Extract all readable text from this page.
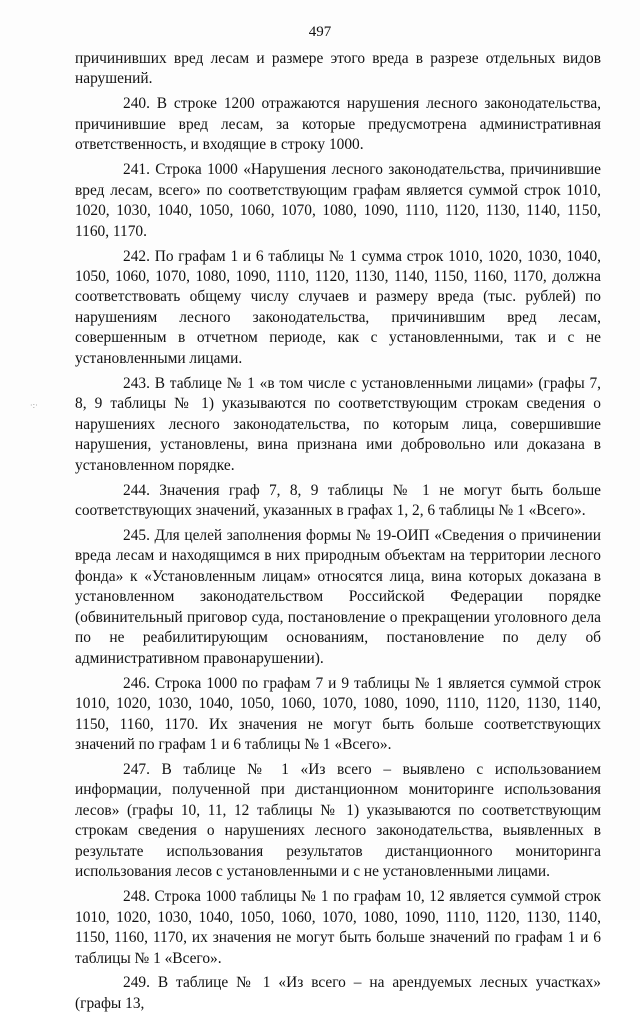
497
·:·

причинивших вред лесам и размере этого вреда в разрезе отдельных видов нарушений.

240. В строке 1200 отражаются нарушения лесного законодательства, причинившие вред лесам, за которые предусмотрена административная ответственность, и входящие в строку 1000.

241. Строка 1000 «Нарушения лесного законодательства, причинившие вред лесам, всего» по соответствующим графам является суммой строк 1010, 1020, 1030, 1040, 1050, 1060, 1070, 1080, 1090, 1110, 1120, 1130, 1140, 1150, 1160, 1170.

242. По графам 1 и 6 таблицы № 1 сумма строк 1010, 1020, 1030, 1040, 1050, 1060, 1070, 1080, 1090, 1110, 1120, 1130, 1140, 1150, 1160, 1170, должна соответствовать общему числу случаев и размеру вреда (тыс. рублей) по нарушениям лесного законодательства, причинившим вред лесам, совершенным в отчетном периоде, как с установленными, так и с не установленными лицами.

243. В таблице № 1 «в том числе с установленными лицами» (графы 7, 8, 9 таблицы № 1) указываются по соответствующим строкам сведения о нарушениях лесного законодательства, по которым лица, совершившие нарушения, установлены, вина признана ими добровольно или доказана в установленном порядке.

244. Значения граф 7, 8, 9 таблицы № 1 не могут быть больше соответствующих значений, указанных в графах 1, 2, 6 таблицы № 1 «Всего».

245. Для целей заполнения формы № 19-ОИП «Сведения о причинении вреда лесам и находящимся в них природным объектам на территории лесного фонда» к «Установленным лицам» относятся лица, вина которых доказана в установленном законодательством Российской Федерации порядке (обвинительный приговор суда, постановление о прекращении уголовного дела по не реабилитирующим основаниям, постановление по делу об административном правонарушении).

246. Строка 1000 по графам 7 и 9 таблицы № 1 является суммой строк 1010, 1020, 1030, 1040, 1050, 1060, 1070, 1080, 1090, 1110, 1120, 1130, 1140, 1150, 1160, 1170. Их значения не могут быть больше соответствующих значений по графам 1 и 6 таблицы № 1 «Всего».

247. В таблице № 1 «Из всего – выявлено с использованием информации, полученной при дистанционном мониторинге использования лесов» (графы 10, 11, 12 таблицы № 1) указываются по соответствующим строкам сведения о нарушениях лесного законодательства, выявленных в результате использования результатов дистанционного мониторинга использования лесов с установленными и с не установленными лицами.

248. Строка 1000 таблицы № 1 по графам 10, 12 является суммой строк 1010, 1020, 1030, 1040, 1050, 1060, 1070, 1080, 1090, 1110, 1120, 1130, 1140, 1150, 1160, 1170, их значения не могут быть больше значений по графам 1 и 6 таблицы № 1 «Всего».

249. В таблице № 1 «Из всего – на арендуемых лесных участках» (графы 13,
